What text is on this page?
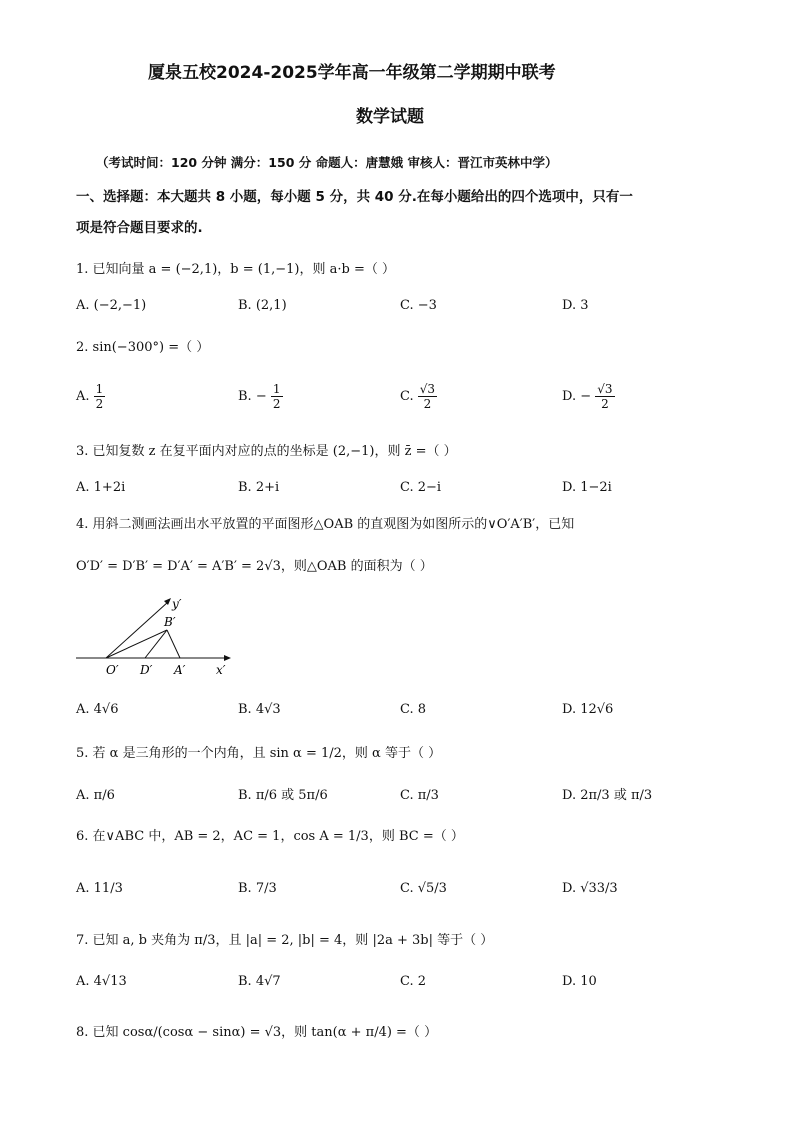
厦泉五校2024-2025学年高一年级第二学期期中联考
数学试题
（考试时间：120 分钟 满分：150 分 命题人：唐慧娥 审核人：晋江市英林中学）
一、选择题：本大题共 8 小题，每小题 5 分，共 40 分.在每小题给出的四个选项中，只有一
项是符合题目要求的.
1. 已知向量 a = (−2,1)，b = (1,−1)，则 a·b =（ ）
A. (−2,−1)	B. (2,1)	C. −3	D. 3
2. sin(−300°) =（ ）
A. $\frac{1}{2}$	B. − $\frac{1}{2}$	C. $\frac{√3}{2}$	D. − $\frac{√3}{2}$
3. 已知复数 z 在复平面内对应的点的坐标是 (2,−1)，则 z̄ =（ ）
A. 1+2i	B. 2+i	C. 2−i	D. 1−2i
4. 用斜二测画法画出水平放置的平面图形△OAB 的直观图为如图所示的∨O′A′B′，已知
O′D′ = D′B′ = D′A′ = A′B′ = 2√3，则△OAB 的面积为（ ）
y′
B′
O′ D′ A′	x′
A. 4√6	B. 4√3	C. 8	D. 12√6
5. 若 α 是三角形的一个内角，且 sin α = 1/2，则 α 等于（ ）
A. π/6	B. π/6 或 5π/6	C. π/3	D. 2π/3 或 π/3
6. 在∨ABC 中，AB = 2，AC = 1，cos A = 1/3，则 BC =（ ）
A. 11/3	B. 7/3	C. √5/3	D. √33/3
7. 已知 a, b 夹角为 π/3，且 |a| = 2, |b| = 4，则 |2a + 3b| 等于（ ）
A. 4√13	B. 4√7	C. 2	D. 10
8. 已知 cosα/(cosα − sinα) = √3，则 tan(α + π/4) =（ ）
